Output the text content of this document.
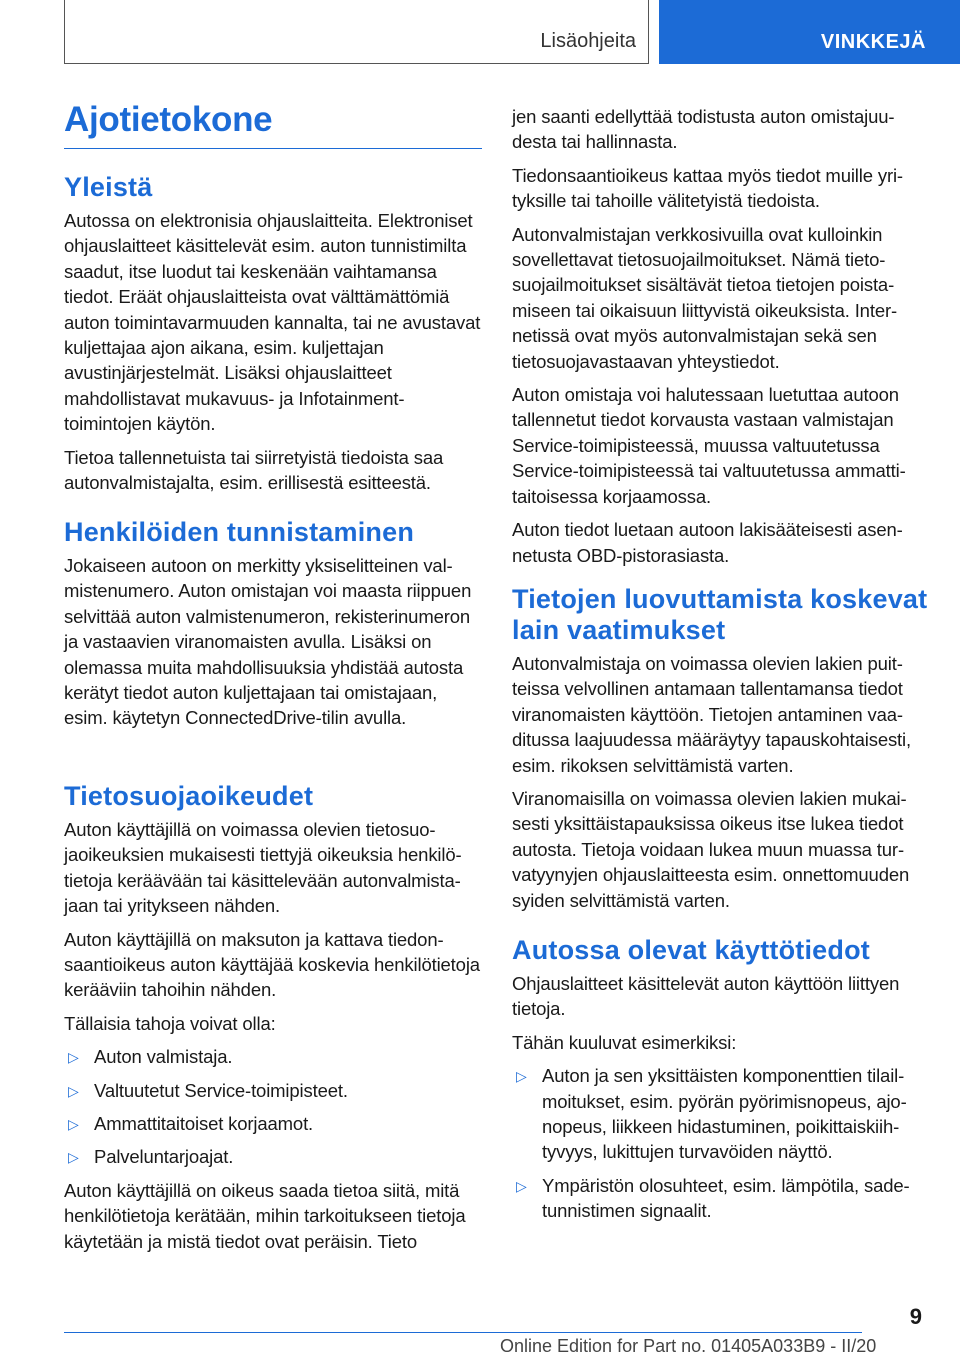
Lisäohjeita	VINKKEJÄ
Ajotietokone
Yleistä

Autossa on elektronisia ohjauslaitteita. Elektroniset ohjauslaitteet käsittelevät esim. auton tunnistimilta saadut, itse luodut tai keskenään vaihtamansa tiedot. Eräät ohjauslaitteista ovat välttämättömiä auton toimintavarmuuden kannalta, tai ne avustavat kuljettajaa ajon aikana, esim. kuljettajan avustinjärjestelmät. Lisäksi ohjauslaitteet mahdollistavat mukavuus- ja Infotainment-toimintojen käytön.

Tietoa tallennetuista tai siirretyistä tiedoista saa autonvalmistajalta, esim. erillisestä esitteestä.

Henkilöiden tunnistaminen

Jokaiseen autoon on merkitty yksiselitteinen valmistenumero. Auton omistajan voi maasta riippuen selvittää auton valmistenumeron, rekisterinumeron ja vastaavien viranomaisten avulla. Lisäksi on olemassa muita mahdollisuuksia yhdistää autosta kerätyt tiedot auton kuljettajaan tai omistajaan, esim. käytetyn ConnectedDrive-tilin avulla.

Tietosuojaoikeudet

Auton käyttäjillä on voimassa olevien tietosuojaoikeuksien mukaisesti tiettyjä oikeuksia henkilötietoja keräävään tai käsittelevään autonvalmistajaan tai yritykseen nähden.

Auton käyttäjillä on maksuton ja kattava tiedonsaantioikeus auton käyttäjää koskevia henkilötietoja kerääviin tahoihin nähden.

Tällaisia tahoja voivat olla:

▷ Auton valmistaja.
▷ Valtuutetut Service-toimipisteet.
▷ Ammattitaitoiset korjaamot.
▷ Palveluntarjoajat.

Auton käyttäjillä on oikeus saada tietoa siitä, mitä henkilötietoja kerätään, mihin tarkoitukseen tietoja käytetään ja mistä tiedot ovat peräisin. Tieto

jen saanti edellyttää todistusta auton omistajuudesta tai hallinnasta.

Tiedonsaantioikeus kattaa myös tiedot muille yrityksille tai tahoille välitetyistä tiedoista.

Autonvalmistajan verkkosivuilla ovat kulloinkin sovellettavat tietosuojailmoitukset. Nämä tietosuojailmoitukset sisältävät tietoa tietojen poistamiseen tai oikaisuun liittyvistä oikeuksista. Internetissä ovat myös autonvalmistajan sekä sen tietosuojavastaavan yhteystiedot.

Auton omistaja voi halutessaan luetuttaa autoon tallennetut tiedot korvausta vastaan valmistajan Service-toimipisteessä, muussa valtuutetussa Service-toimipisteessä tai valtuutetussa ammattitaitoisessa korjaamossa.

Auton tiedot luetaan autoon lakisääteisesti asennetusta OBD-pistorasiasta.

Tietojen luovuttamista koskevat lain vaatimukset

Autonvalmistaja on voimassa olevien lakien puitteissa velvollinen antamaan tallentamansa tiedot viranomaisten käyttöön. Tietojen antaminen vaaditussa laajuudessa määräytyy tapauskohtaisesti, esim. rikoksen selvittämistä varten.

Viranomaisilla on voimassa olevien lakien mukaisesti yksittäistapauksissa oikeus itse lukea tiedot autosta. Tietoja voidaan lukea muun muassa turvatyynyjen ohjauslaitteesta esim. onnettomuuden syiden selvittämistä varten.

Autossa olevat käyttötiedot

Ohjauslaitteet käsittelevät auton käyttöön liittyen tietoja.

Tähän kuuluvat esimerkiksi:

▷ Auton ja sen yksittäisten komponenttien tilailmoitukset, esim. pyörän pyörimisnopeus, ajonopeus, liikkeen hidastuminen, poikittaiskiihtyvyys, lukittujen turvavöiden näyttö.
▷ Ympäristön olosuhteet, esim. lämpötila, sadetunnistimen signaalit.
9
Online Edition for Part no. 01405A033B9 - II/20
